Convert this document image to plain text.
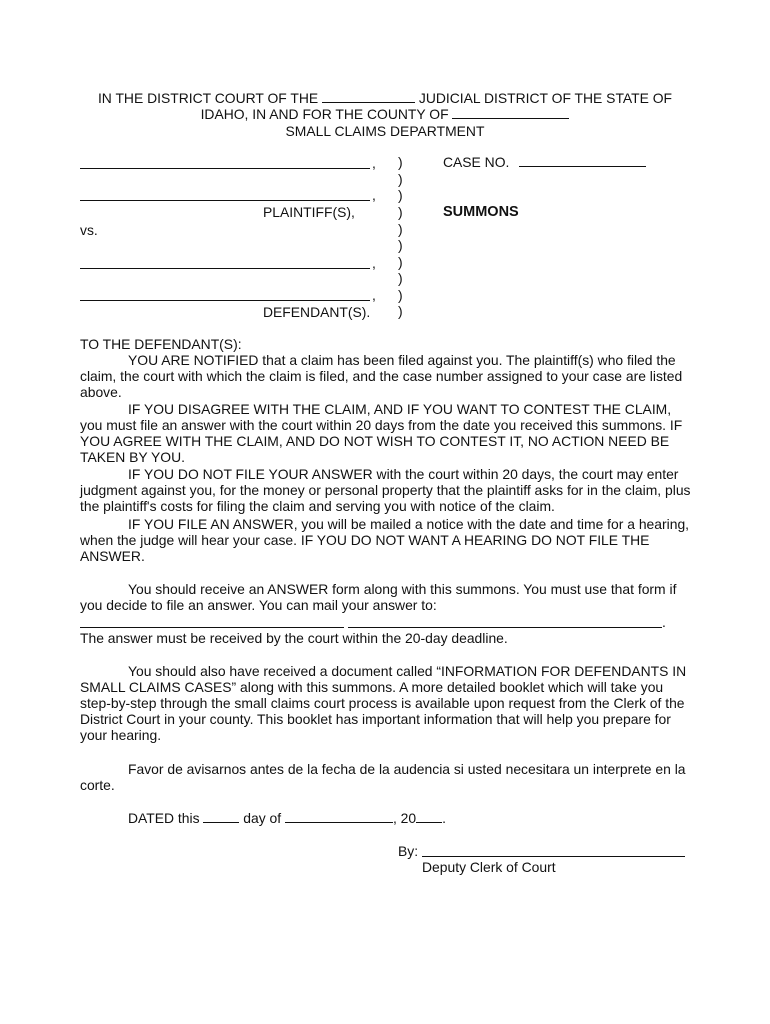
IN THE DISTRICT COURT OF THE	JUDICIAL DISTRICT OF THE STATE OF
IDAHO, IN AND FOR THE COUNTY OF
SMALL CLAIMS DEPARTMENT
,
,
PLAINTIFF(S),
vs.
,
,
DEFENDANT(S).
)
)
)
)
)
)
)
)
)
)
CASE NO.
SUMMONS
TO THE DEFENDANT(S):
YOU ARE NOTIFIED that a claim has been filed against you. The plaintiff(s) who filed the claim, the court with which the claim is filed, and the case number assigned to your case are listed above.
IF YOU DISAGREE WITH THE CLAIM, AND IF YOU WANT TO CONTEST THE CLAIM, you must file an answer with the court within 20 days from the date you received this summons. IF YOU AGREE WITH THE CLAIM, AND DO NOT WISH TO CONTEST IT, NO ACTION NEED BE TAKEN BY YOU.
IF YOU DO NOT FILE YOUR ANSWER with the court within 20 days, the court may enter judgment against you, for the money or personal property that the plaintiff asks for in the claim, plus the plaintiff's costs for filing the claim and serving you with notice of the claim.
IF YOU FILE AN ANSWER, you will be mailed a notice with the date and time for a hearing, when the judge will hear your case. IF YOU DO NOT WANT A HEARING DO NOT FILE THE ANSWER.
You should receive an ANSWER form along with this summons. You must use that form if you decide to file an answer. You can mail your answer to:
.
The answer must be received by the court within the 20-day deadline.
You should also have received a document called “INFORMATION FOR DEFENDANTS IN SMALL CLAIMS CASES” along with this summons. A more detailed booklet which will take you step-by-step through the small claims court process is available upon request from the Clerk of the District Court in your county. This booklet has important information that will help you prepare for your hearing.
Favor de avisarnos antes de la fecha de la audencia si usted necesitara un interprete en la corte.
DATED this	day of	, 20 .
By:
Deputy Clerk of Court
